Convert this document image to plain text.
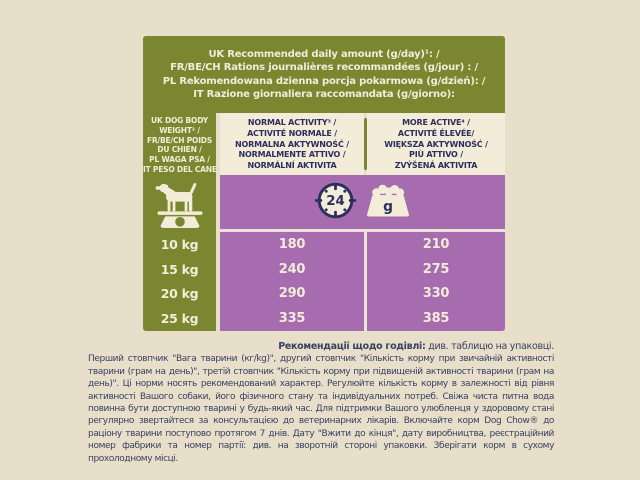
UK Recommended daily amount (g/day)¹: /
FR/BE/CH Rations journalières recommandées (g/jour) : /
PL Rekomendowana dzienna porcja pokarmowa (g/dzień): /
IT Razione giornaliera raccomandata (g/giorno):
UK DOG BODY
WEIGHT² /
FR/BE/CH POIDS
DU CHIEN /
PL WAGA PSA /
IT PESO DEL CANE
10 kg
15 kg
20 kg
25 kg
NORMAL ACTIVITY³ /
ACTIVITÉ NORMALE /
NORMALNA AKTYWNOŚĆ /
NORMALMENTE ATTIVO /
NORMÁLNÍ AKTIVITA
MORE ACTIVE⁴ /
ACTIVITÉ ÉLEVÉE/
WIĘKSZA AKTYWNOŚĆ /
PIÙ ATTIVO /
ZVÝŠENÁ AKTIVITA
24 g
180
240
290
335
210
275
330
385
Рекомендації щодо годівлі: див. таблицю на упаковці.
Перший стовпчик "Вага тварини (кг/kg)", другий стовпчик "Кількість корму при звичайній активності тварини (грам на день)", третій стовпчик "Кількість корму при підвищеній активності тварини (грам на день)". Ці норми носять рекомендований характер. Регулюйте кількість корму в залежності від рівня активності Вашого собаки, його фізичного стану та індивідуальних потреб. Свіжа чиста питна вода повинна бути доступною тварині у будь-який час. Для підтримки Вашого улюбленця у здоровому стані регулярно звертайтеся за консультацією до ветеринарних лікарів. Включайте корм Dog Chow® до раціону тварини поступово протягом 7 днів. Дату "Вжити до кінця", дату виробництва, реєстраційний номер фабрики та номер партії: див. на зворотній стороні упаковки. Зберігати корм в сухому прохолодному місці.
